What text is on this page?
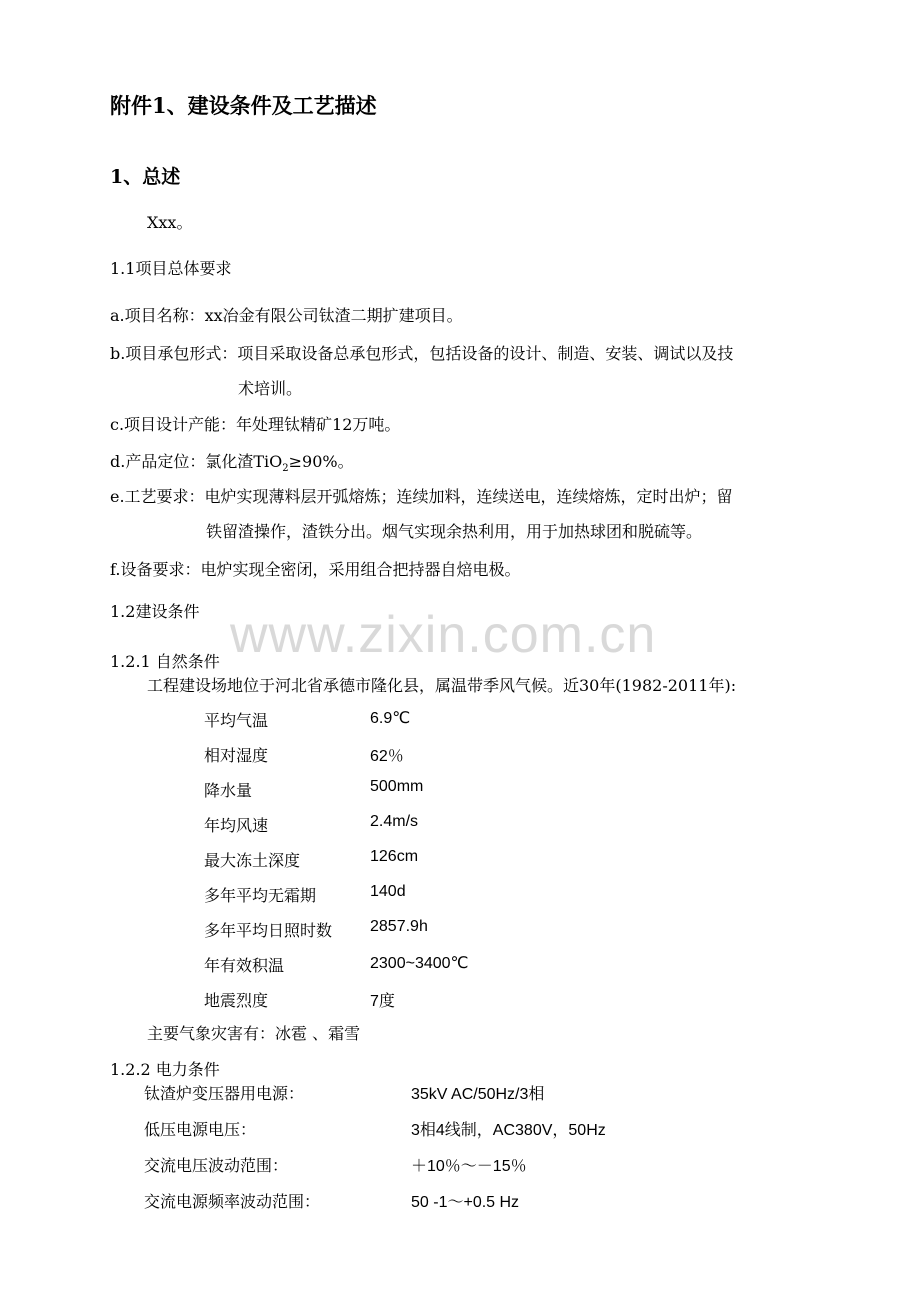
附件1、建设条件及工艺描述
1、总述
Xxx。
1.1项目总体要求
a.项目名称：xx冶金有限公司钛渣二期扩建项目。
b.项目承包形式：项目采取设备总承包形式，包括设备的设计、制造、安装、调试以及技
术培训。
c.项目设计产能：年处理钛精矿12万吨。
d.产品定位：氯化渣TiO$_2$≥90%。
e.工艺要求：电炉实现薄料层开弧熔炼；连续加料，连续送电，连续熔炼，定时出炉；留
铁留渣操作，渣铁分出。烟气实现余热利用，用于加热球团和脱硫等。
f.设备要求：电炉实现全密闭，采用组合把持器自焙电极。
1.2建设条件 www.zixin.com.cn
1.2.1 自然条件
工程建设场地位于河北省承德市隆化县，属温带季风气候。近30年(1982-2011年):
平均气温	6.9℃
相对湿度	62％
降水量	500mm
年均风速	2.4m/s
最大冻土深度	126cm
多年平均无霜期	140d
多年平均日照时数 2857.9h
年有效积温	2300~3400℃
地震烈度	7度
主要气象灾害有：冰雹 、霜雪
1.2.2 电力条件
钛渣炉变压器用电源：	35kV AC/50Hz/3相
低压电源电压：	3相4线制，AC380V，50Hz
交流电压波动范围：	＋10％～－15％
交流电源频率波动范围：	50 -1～+0.5 Hz
